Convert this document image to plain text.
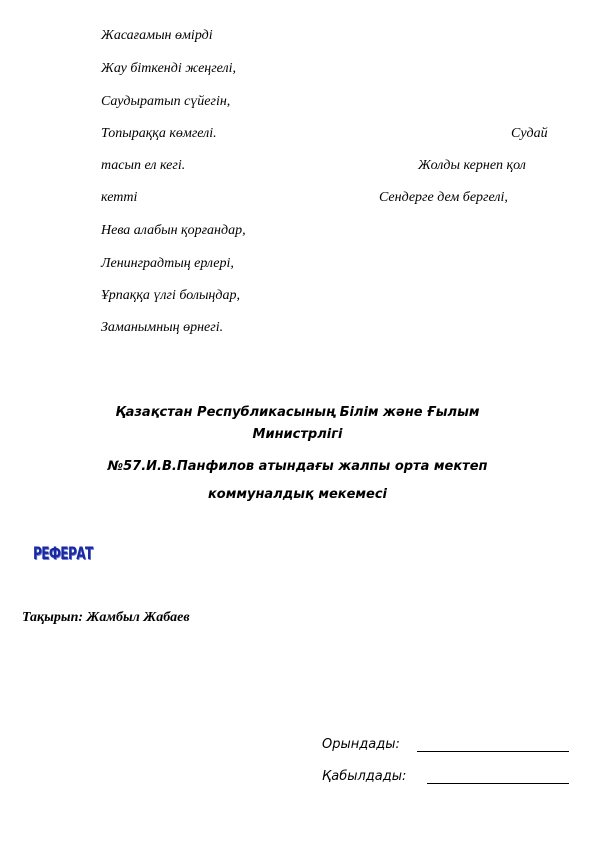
Жасағамын өмірді
Жау біткенді жеңгелі,
Саудыратып сүйегін,
Топыраққа көмгелі.	Судай
тасып ел кегі.	Жолды кернеп қол
кетті	Сендерге дем бергелі,
Нева алабын қорғандар,
Ленинградтың ерлері,
Ұрпаққа үлгі болыңдар,
Заманымның өрнегі.
Қазақстан Республикасының Білім және Ғылым
Министрлігі
№57.И.В.Панфилов атындағы жалпы орта мектеп
коммуналдық мекемесі
РЕФЕРАТ
Тақырып: Жамбыл Жабаев
Орындады:
Қабылдады:
